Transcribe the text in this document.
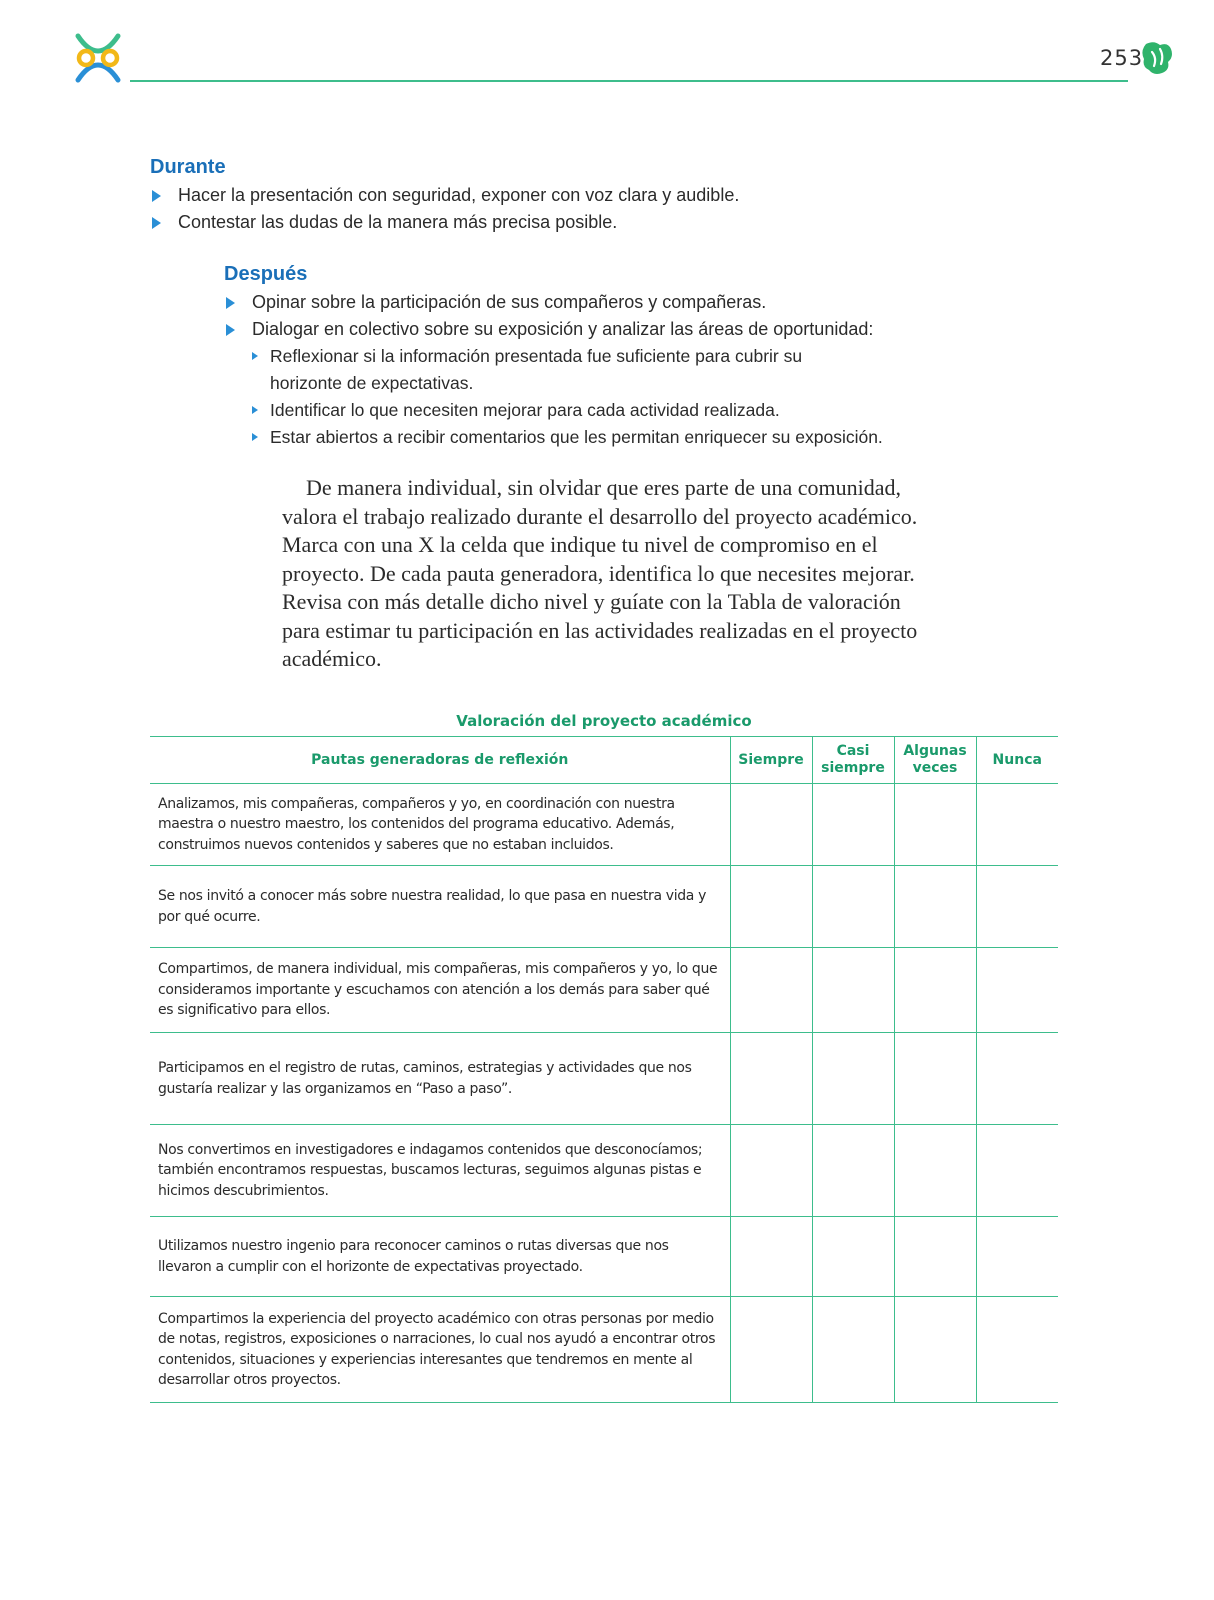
253
Durante
Hacer la presentación con seguridad, exponer con voz clara y audible.
Contestar las dudas de la manera más precisa posible.
Después
Opinar sobre la participación de sus compañeros y compañeras.
Dialogar en colectivo sobre su exposición y analizar las áreas de oportunidad:
Reflexionar si la información presentada fue suficiente para cubrir su horizonte de expectativas.
Identificar lo que necesiten mejorar para cada actividad realizada.
Estar abiertos a recibir comentarios que les permitan enriquecer su exposición.

De manera individual, sin olvidar que eres parte de una comunidad, valora el trabajo realizado durante el desarrollo del proyecto académico. Marca con una X la celda que indique tu nivel de compromiso en el proyecto. De cada pauta generadora, identifica lo que necesites mejorar. Revisa con más detalle dicho nivel y guíate con la Tabla de valoración para estimar tu participación en las actividades realizadas en el proyecto académico.

Valoración del proyecto académico
Pautas generadoras de reflexión	Siempre	Casi siempre	Algunas veces	Nunca
Analizamos, mis compañeras, compañeros y yo, en coordinación con nuestra maestra o nuestro maestro, los contenidos del programa educativo. Además, construimos nuevos contenidos y saberes que no estaban incluidos.				
Se nos invitó a conocer más sobre nuestra realidad, lo que pasa en nuestra vida y por qué ocurre.				
Compartimos, de manera individual, mis compañeras, mis compañeros y yo, lo que consideramos importante y escuchamos con atención a los demás para saber qué es significativo para ellos.				
Participamos en el registro de rutas, caminos, estrategias y actividades que nos gustaría realizar y las organizamos en “Paso a paso”.				
Nos convertimos en investigadores e indagamos contenidos que desconocíamos; también encontramos respuestas, buscamos lecturas, seguimos algunas pistas e hicimos descubrimientos.				
Utilizamos nuestro ingenio para reconocer caminos o rutas diversas que nos llevaron a cumplir con el horizonte de expectativas proyectado.				
Compartimos la experiencia del proyecto académico con otras personas por medio de notas, registros, exposiciones o narraciones, lo cual nos ayudó a encontrar otros contenidos, situaciones y experiencias interesantes que tendremos en mente al desarrollar otros proyectos.				
